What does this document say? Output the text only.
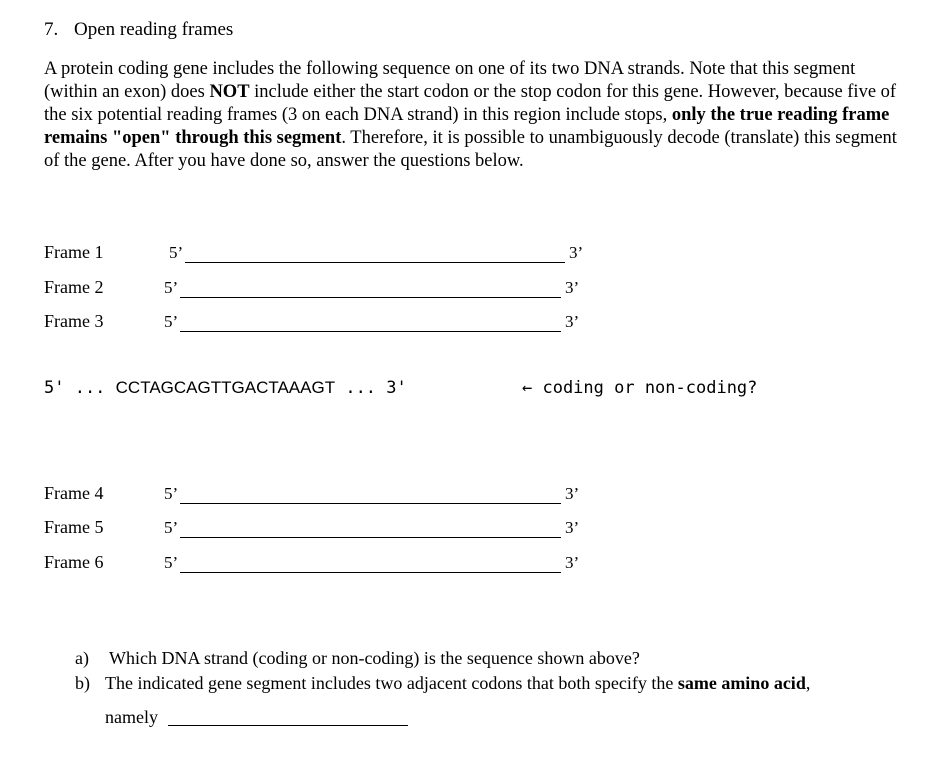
7. Open reading frames
A protein coding gene includes the following sequence on one of its two DNA strands. Note that this segment (within an exon) does NOT include either the start codon or the stop codon for this gene. However, because five of the six potential reading frames (3 on each DNA strand) in this region include stops, only the true reading frame remains "open" through this segment. Therefore, it is possible to unambiguously decode (translate) this segment of the gene. After you have done so, answer the questions below.
Frame 1	5’	3’
Frame 2	5’	3’
Frame 3	5’	3’
5' ... CCTAGCAGTTGACTAAAGT ... 3'	← coding or non-coding?
Frame 4	5’	3’
Frame 5	5’	3’
Frame 6	5’	3’
a) Which DNA strand (coding or non-coding) is the sequence shown above?
b) The indicated gene segment includes two adjacent codons that both specify the same amino acid,
namely
